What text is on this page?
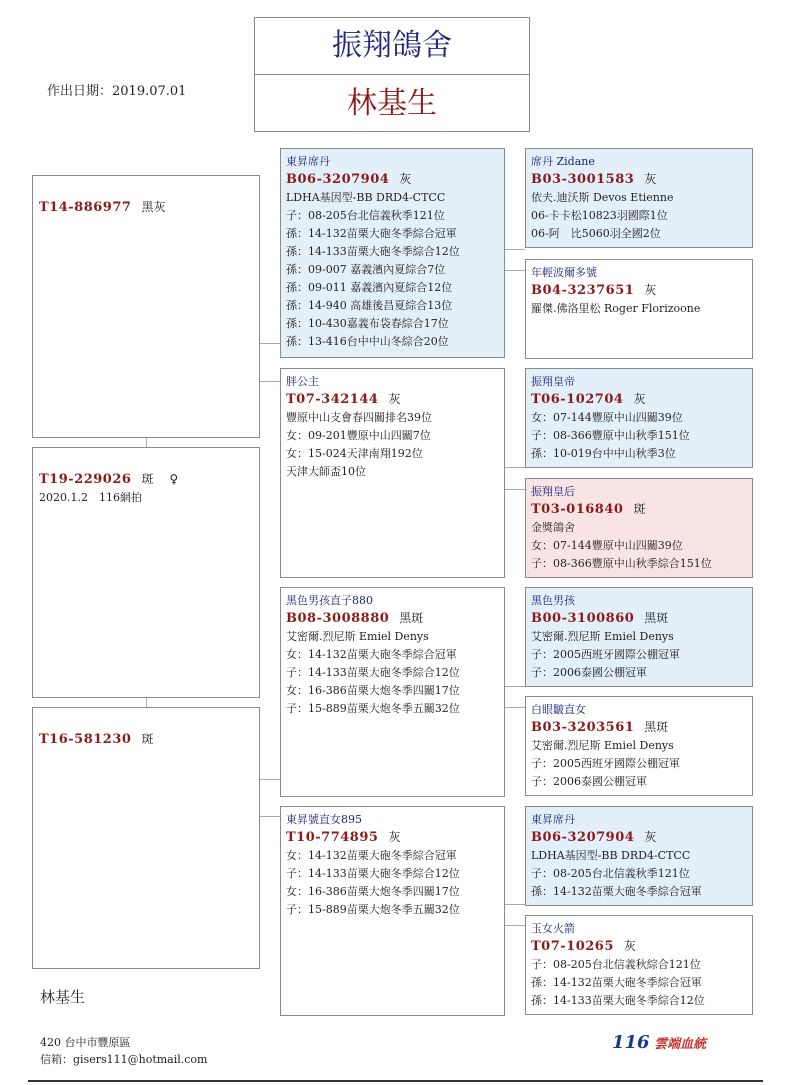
振翔鴿舍
林基生
作出日期：2019.07.01
T14-886977 黑灰
T19-229026 斑 ♀
2020.1.2　116網拍
T16-581230 斑
東昇席丹
B06-3207904 灰
LDHA基因型-BB DRD4-CTCC
子：08-205台北信義秋季121位
孫：14-132苗栗大砲冬季綜合冠軍
孫：14-133苗栗大砲冬季綜合12位
孫：09-007 嘉義濱內夏綜合7位
孫：09-011 嘉義濱內夏綜合12位
孫：14-940 高雄後昌夏綜合13位
孫：10-430嘉義布袋春綜合17位
孫：13-416台中中山冬綜合20位
胖公主
T07-342144 灰
豐原中山支會春四關排名39位
女：09-201豐原中山四關7位
女：15-024天津南翔192位
天津大師盃10位
黑色男孩直子880
B08-3008880 黑斑
艾密爾.烈尼斯 Emiel Denys
女：14-132苗栗大砲冬季綜合冠軍
子：14-133苗栗大砲冬季綜合12位
女：16-386苗栗大炮冬季四關17位
子：15-889苗栗大炮冬季五關32位
東昇號直女895
T10-774895 灰
女：14-132苗栗大砲冬季綜合冠軍
子：14-133苗栗大砲冬季綜合12位
女：16-386苗栗大炮冬季四關17位
子：15-889苗栗大炮冬季五關32位
席丹 Zidane
B03-3001583 灰
依夫.迪沃斯 Devos Etienne
06-卡卡松10823羽國際1位
06-阿　比5060羽全國2位
年輕波爾多號
B04-3237651 灰
羅傑.佛洛里松 Roger Florizoone
振翔皇帝
T06-102704 灰
女：07-144豐原中山四關39位
子：08-366豐原中山秋季151位
孫：10-019台中中山秋季3位
振翔皇后
T03-016840 斑
金獎鴿舍
女：07-144豐原中山四關39位
子：08-366豐原中山秋季綜合151位
黑色男孩
B00-3100860 黑斑
艾密爾.烈尼斯 Emiel Denys
子：2005西班牙國際公棚冠軍
子：2006泰國公棚冠軍
白眼皺直女
B03-3203561 黑斑
艾密爾.烈尼斯 Emiel Denys
子：2005西班牙國際公棚冠軍
子：2006泰國公棚冠軍
東昇席丹
B06-3207904 灰
LDHA基因型-BB DRD4-CTCC
子：08-205台北信義秋季121位
孫：14-132苗栗大砲冬季綜合冠軍
玉女火箭
T07-10265 灰
子：08-205台北信義秋綜合121位
孫：14-132苗栗大砲冬季綜合冠軍
孫：14-133苗栗大砲冬季綜合12位
林基生
420 台中市豐原區
信箱：gisers111@hotmail.com
116 雲端血統
